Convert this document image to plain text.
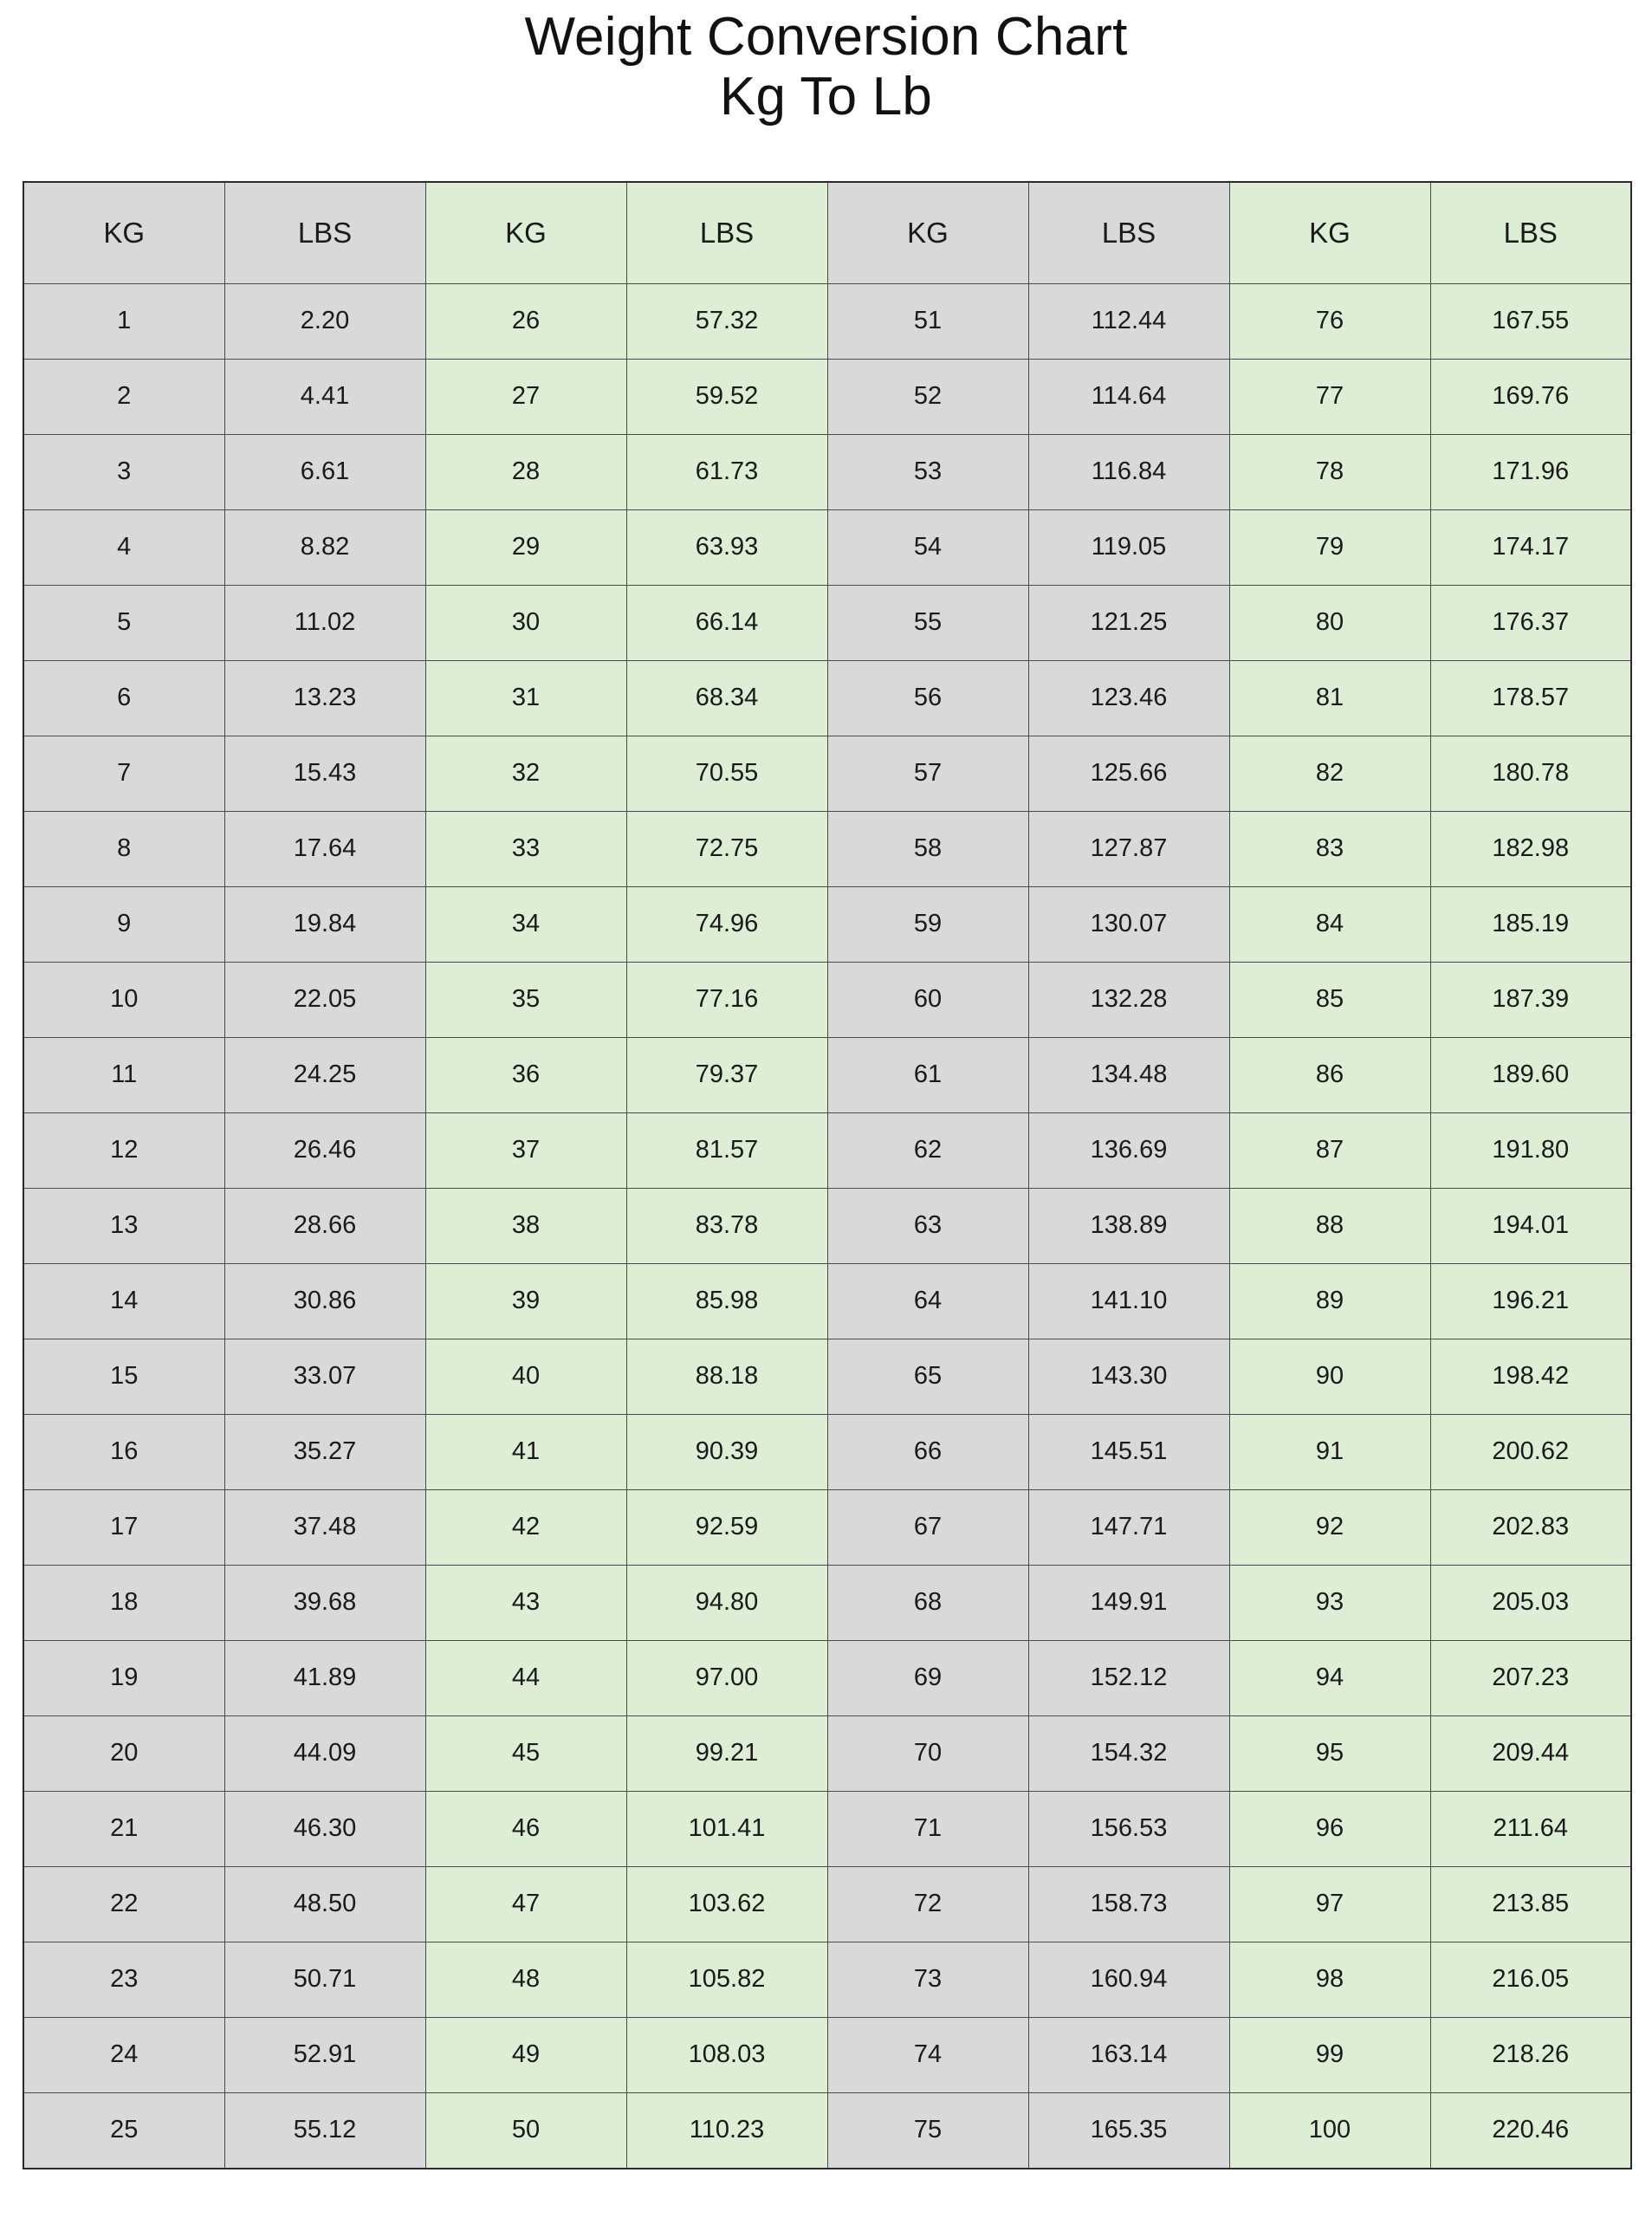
Weight Conversion Chart
Kg To Lb
KG	LBS	KG	LBS	KG	LBS	KG	LBS
1	2.20	26	57.32	51	112.44	76	167.55
2	4.41	27	59.52	52	114.64	77	169.76
3	6.61	28	61.73	53	116.84	78	171.96
4	8.82	29	63.93	54	119.05	79	174.17
5	11.02	30	66.14	55	121.25	80	176.37
6	13.23	31	68.34	56	123.46	81	178.57
7	15.43	32	70.55	57	125.66	82	180.78
8	17.64	33	72.75	58	127.87	83	182.98
9	19.84	34	74.96	59	130.07	84	185.19
10	22.05	35	77.16	60	132.28	85	187.39
11	24.25	36	79.37	61	134.48	86	189.60
12	26.46	37	81.57	62	136.69	87	191.80
13	28.66	38	83.78	63	138.89	88	194.01
14	30.86	39	85.98	64	141.10	89	196.21
15	33.07	40	88.18	65	143.30	90	198.42
16	35.27	41	90.39	66	145.51	91	200.62
17	37.48	42	92.59	67	147.71	92	202.83
18	39.68	43	94.80	68	149.91	93	205.03
19	41.89	44	97.00	69	152.12	94	207.23
20	44.09	45	99.21	70	154.32	95	209.44
21	46.30	46	101.41	71	156.53	96	211.64
22	48.50	47	103.62	72	158.73	97	213.85
23	50.71	48	105.82	73	160.94	98	216.05
24	52.91	49	108.03	74	163.14	99	218.26
25	55.12	50	110.23	75	165.35	100	220.46
